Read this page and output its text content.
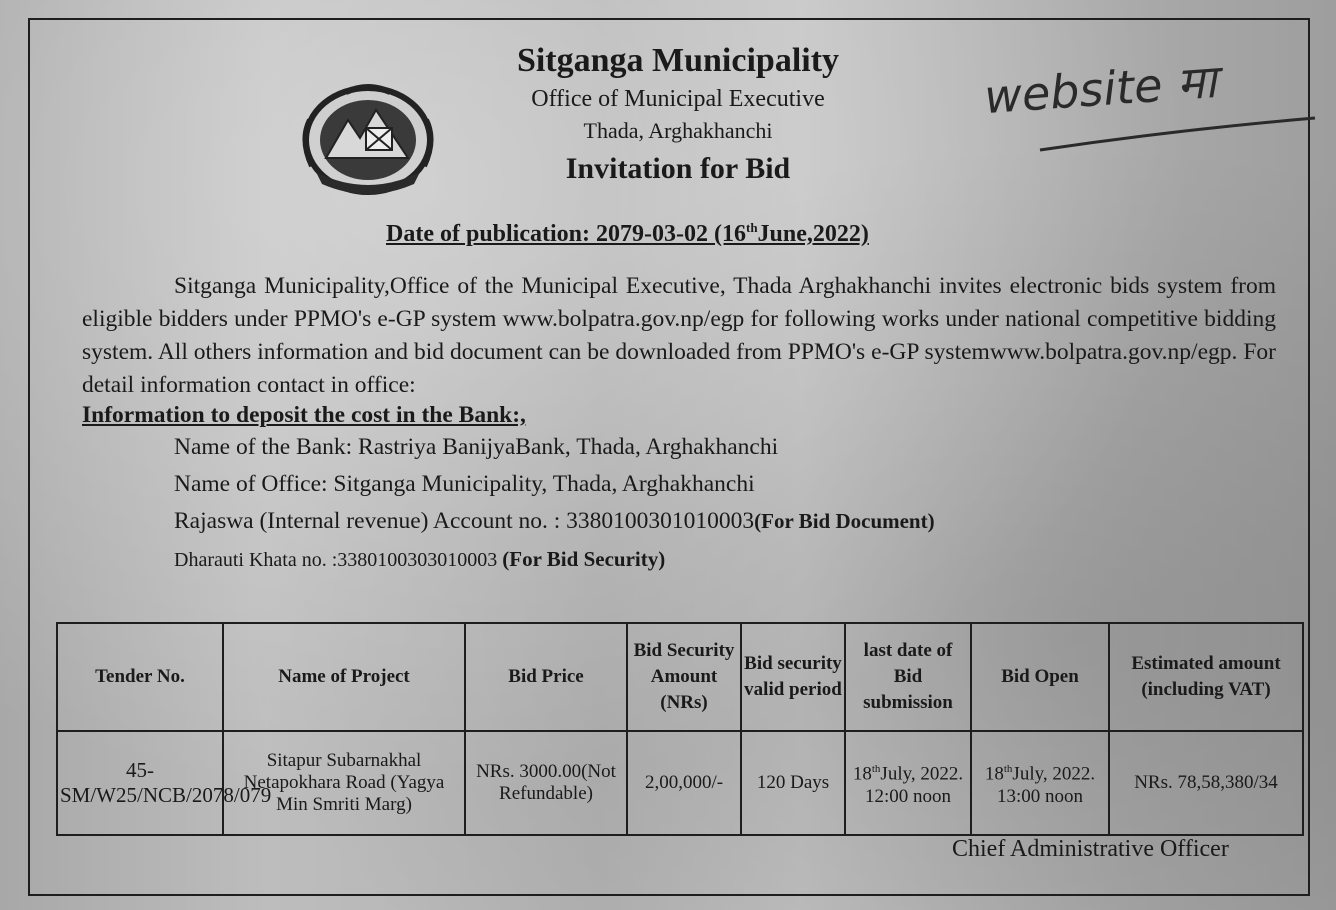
Sitganga Municipality
Office of Municipal Executive
Thada, Arghakhanchi
Invitation for Bid
website मा
Date of publication: 2079-03-02 (16thJune,2022)
Sitganga Municipality,Office of the Municipal Executive, Thada Arghakhanchi invites electronic bids system from eligible bidders under PPMO's e-GP system www.bolpatra.gov.np/egp for following works under national competitive bidding system. All others information and bid document can be downloaded from PPMO's e-GP systemwww.bolpatra.gov.np/egp. For detail information contact in office:
Information to deposit the cost in the Bank:,
Name of the Bank: Rastriya BanijyaBank, Thada, Arghakhanchi
Name of Office: Sitganga Municipality, Thada, Arghakhanchi
Rajaswa (Internal revenue) Account no. : 3380100301010003(For Bid Document)
Dharauti Khata no. :3380100303010003 (For Bid Security)
Tender No.	Name of Project	Bid Price	Bid Security Amount (NRs)	Bid security valid period	last date of Bid submission	Bid Open	Estimated amount (including VAT)
45-SM/W25/NCB/2078/079	Sitapur Subarnakhal Netapokhara Road (Yagya Min Smriti Marg)	NRs. 3000.00(Not Refundable)	2,00,000/-	120 Days	18thJuly, 2022. 12:00 noon	18thJuly, 2022. 13:00 noon	NRs. 78,58,380/34
Chief Administrative Officer
